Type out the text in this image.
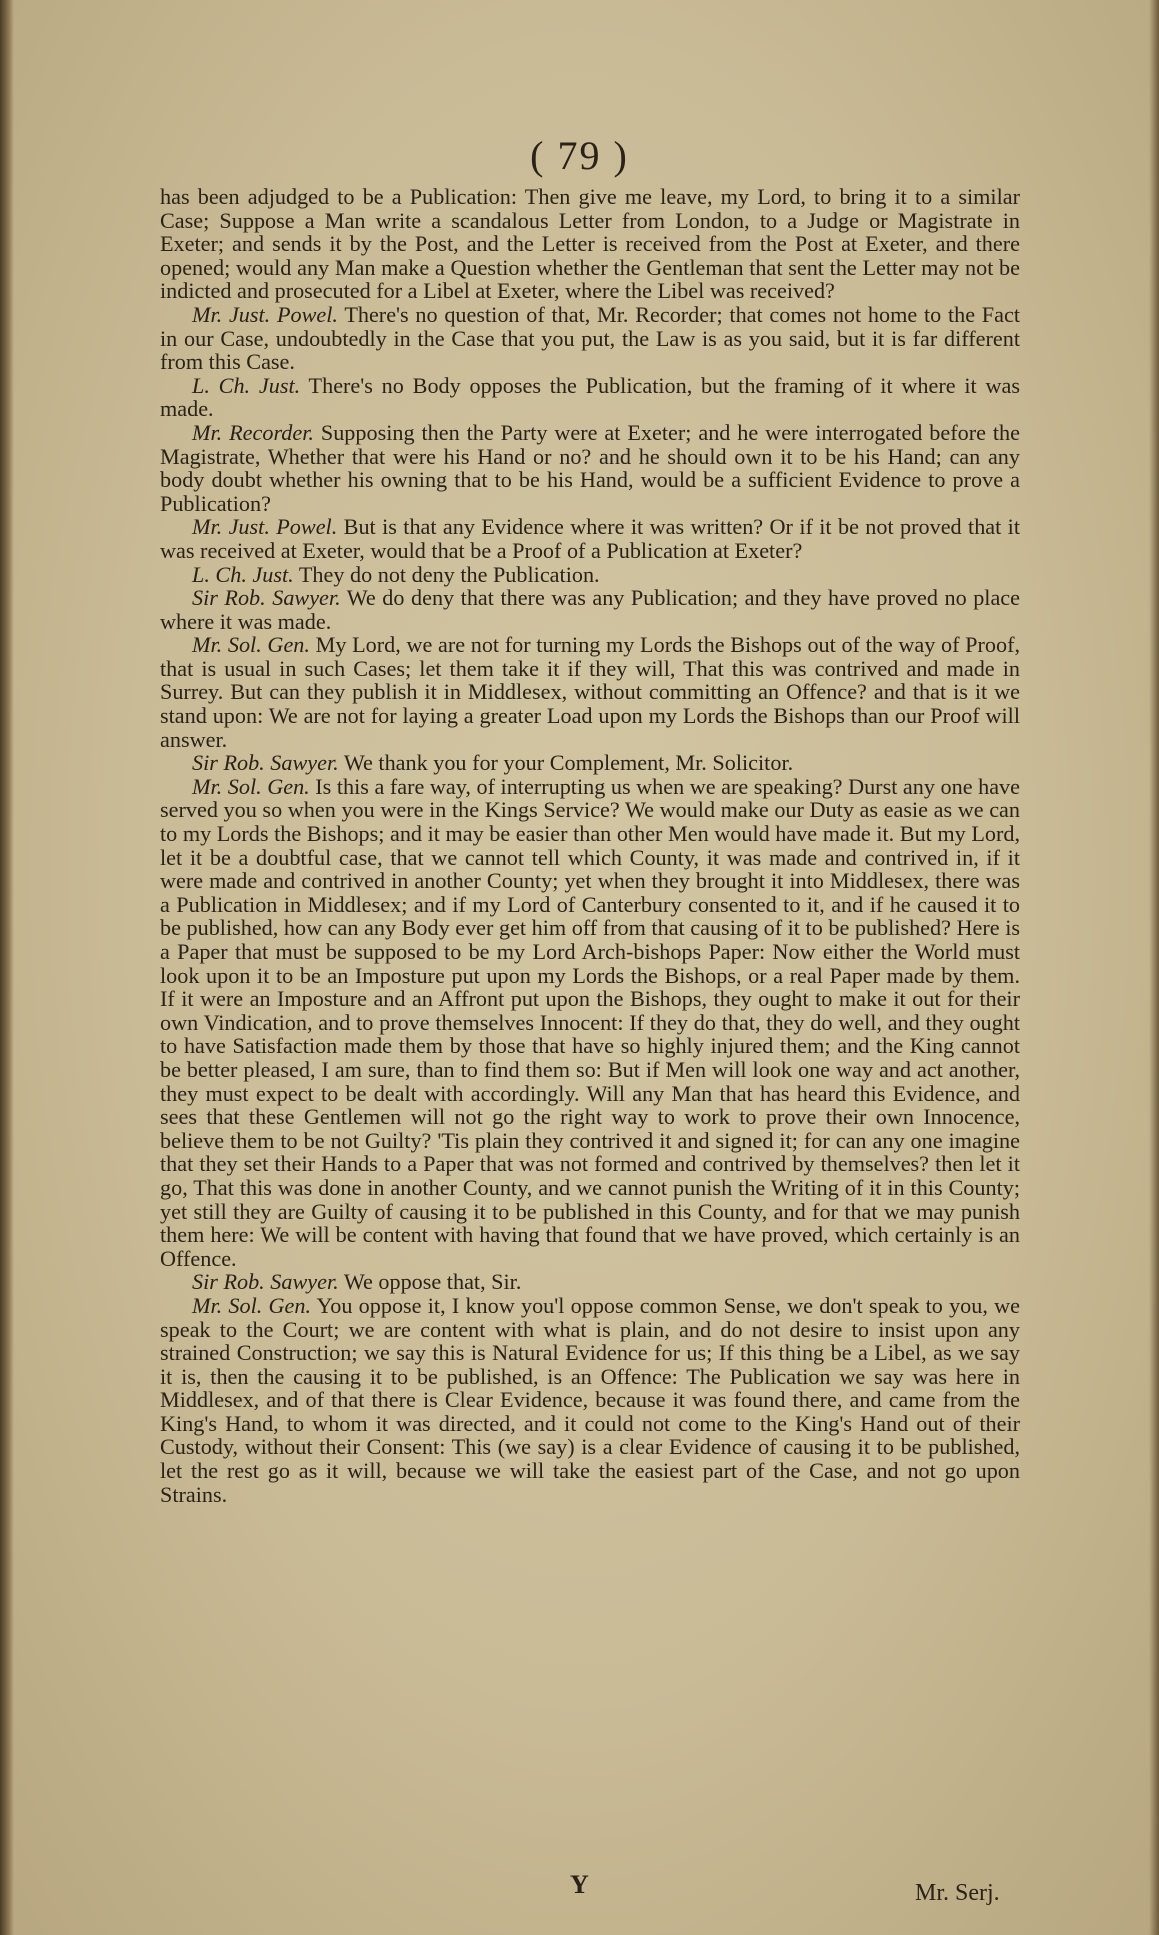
( 79 )

has been adjudged to be a Publication: Then give me leave, my Lord, to bring it to a similar Case; Suppose a Man write a scandalous Letter from London, to a Judge or Magistrate in Exeter; and sends it by the Post, and the Letter is received from the Post at Exeter, and there opened; would any Man make a Question whether the Gentleman that sent the Letter may not be indicted and prosecuted for a Libel at Exeter, where the Libel was received?

Mr. Just. Powel. There's no question of that, Mr. Recorder; that comes not home to the Fact in our Case, undoubtedly in the Case that you put, the Law is as you said, but it is far different from this Case.

L. Ch. Just. There's no Body opposes the Publication, but the framing of it where it was made.

Mr. Recorder. Supposing then the Party were at Exeter; and he were interrogated before the Magistrate, Whether that were his Hand or no? and he should own it to be his Hand; can any body doubt whether his owning that to be his Hand, would be a sufficient Evidence to prove a Publication?

Mr. Just. Powel. But is that any Evidence where it was written? Or if it be not proved that it was received at Exeter, would that be a Proof of a Publication at Exeter?

L. Ch. Just. They do not deny the Publication.

Sir Rob. Sawyer. We do deny that there was any Publication; and they have proved no place where it was made.

Mr. Sol. Gen. My Lord, we are not for turning my Lords the Bishops out of the way of Proof, that is usual in such Cases; let them take it if they will, That this was contrived and made in Surrey. But can they publish it in Middlesex, without committing an Offence? and that is it we stand upon: We are not for laying a greater Load upon my Lords the Bishops than our Proof will answer.

Sir Rob. Sawyer. We thank you for your Complement, Mr. Solicitor.

Mr. Sol. Gen. Is this a fare way, of interrupting us when we are speaking? Durst any one have served you so when you were in the Kings Service? We would make our Duty as easie as we can to my Lords the Bishops; and it may be easier than other Men would have made it. But my Lord, let it be a doubtful case, that we cannot tell which County, it was made and contrived in, if it were made and contrived in another County; yet when they brought it into Middlesex, there was a Publication in Middlesex; and if my Lord of Canterbury consented to it, and if he caused it to be published, how can any Body ever get him off from that causing of it to be published? Here is a Paper that must be supposed to be my Lord Arch-bishops Paper: Now either the World must look upon it to be an Imposture put upon my Lords the Bishops, or a real Paper made by them. If it were an Imposture and an Affront put upon the Bishops, they ought to make it out for their own Vindication, and to prove themselves Innocent: If they do that, they do well, and they ought to have Satisfaction made them by those that have so highly injured them; and the King cannot be better pleased, I am sure, than to find them so: But if Men will look one way and act another, they must expect to be dealt with accordingly. Will any Man that has heard this Evidence, and sees that these Gentlemen will not go the right way to work to prove their own Innocence, believe them to be not Guilty? 'Tis plain they contrived it and signed it; for can any one imagine that they set their Hands to a Paper that was not formed and contrived by themselves? then let it go, That this was done in another County, and we cannot punish the Writing of it in this County; yet still they are Guilty of causing it to be published in this County, and for that we may punish them here: We will be content with having that found that we have proved, which certainly is an Offence.

Sir Rob. Sawyer. We oppose that, Sir.

Mr. Sol. Gen. You oppose it, I know you'l oppose common Sense, we don't speak to you, we speak to the Court; we are content with what is plain, and do not desire to insist upon any strained Construction; we say this is Natural Evidence for us; If this thing be a Libel, as we say it is, then the causing it to be published, is an Offence: The Publication we say was here in Middlesex, and of that there is Clear Evidence, because it was found there, and came from the King's Hand, to whom it was directed, and it could not come to the King's Hand out of their Custody, without their Consent: This (we say) is a clear Evidence of causing it to be published, let the rest go as it will, because we will take the easiest part of the Case, and not go upon Strains.

Y	Mr. Serj.
